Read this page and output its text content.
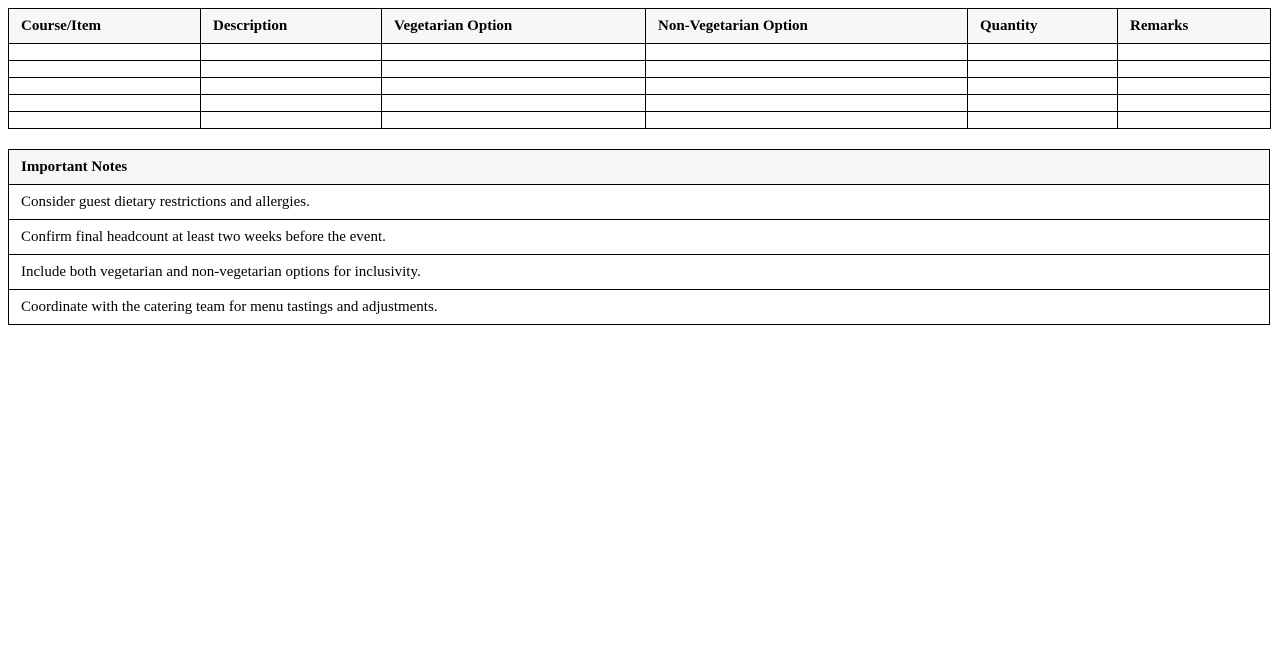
Course/Item	Description	Vegetarian Option	Non-Vegetarian Option	Quantity	Remarks

Important Notes
Consider guest dietary restrictions and allergies.
Confirm final headcount at least two weeks before the event.
Include both vegetarian and non-vegetarian options for inclusivity.
Coordinate with the catering team for menu tastings and adjustments.
